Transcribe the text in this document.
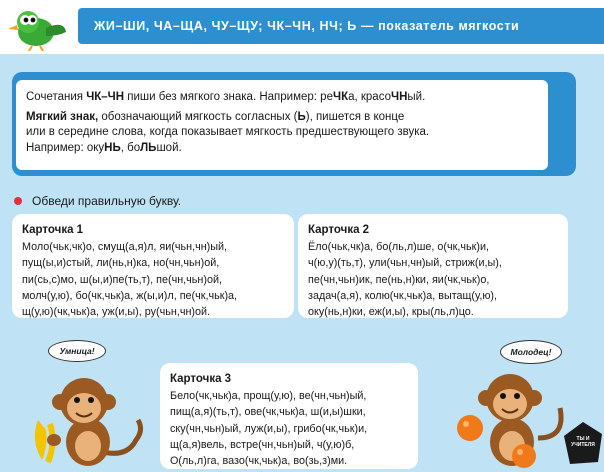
ЖИ–ШИ, ЧА–ЩА, ЧУ–ЩУ; ЧК–ЧН, НЧ; Ь — показатель мягкости

Сочетания ЧК–ЧН пиши без мягкого знака. Например: реЧКа, красоЧНый.

Мягкий знак, обозначающий мягкость согласных (Ь), пишется в конце
или в середине слова, когда показывает мягкость предшествующего звука.
Например: окуНЬ, боЛЬшой.

Обведи правильную букву.
Карточка 1
Моло(чьк,чк)о, смущ(а,я)л, яи(чьн,чн)ый,
пущ(ы,и)стый, ли(нь,н)ка, но(чн,чьн)ой,
пи(сь,с)мо, ш(ы,и)пе(ть,т), пе(чн,чьн)ой,
молч(у,ю), бо(чк,чьк)а, ж(ы,и)л, пе(чк,чьк)а,
щ(у,ю)(чк,чьк)а, уж(и,ы), ру(чьн,чн)ой.
Карточка 2
Ёло(чьк,чк)а, бо(ль,л)ше, о(чк,чьк)и,
ч(ю,у)(ть,т), ули(чьн,чн)ый, стриж(и,ы),
пе(чн,чьн)ик, пе(нь,н)ки, яи(чк,чьк)о,
задач(а,я), колю(чк,чьк)а, вытащ(у,ю),
оку(нь,н)ки, еж(и,ы), кры(ль,л)цо.
Карточка 3
Бело(чк,чьк)а, прощ(у,ю), ве(чн,чьн)ый,
пищ(а,я)(ть,т), ове(чк,чьк)а, ш(и,ы)шки,
ску(чн,чьн)ый, луж(и,ы), грибо(чк,чьк)и,
щ(а,я)вель, встре(чн,чьн)ый, ч(у,ю)б,
О(ль,л)га, вазо(чк,чьк)а, во(зь,з)ми.
Умница!	Молодец!
ТЫ И УЧИТЕЛЯ
